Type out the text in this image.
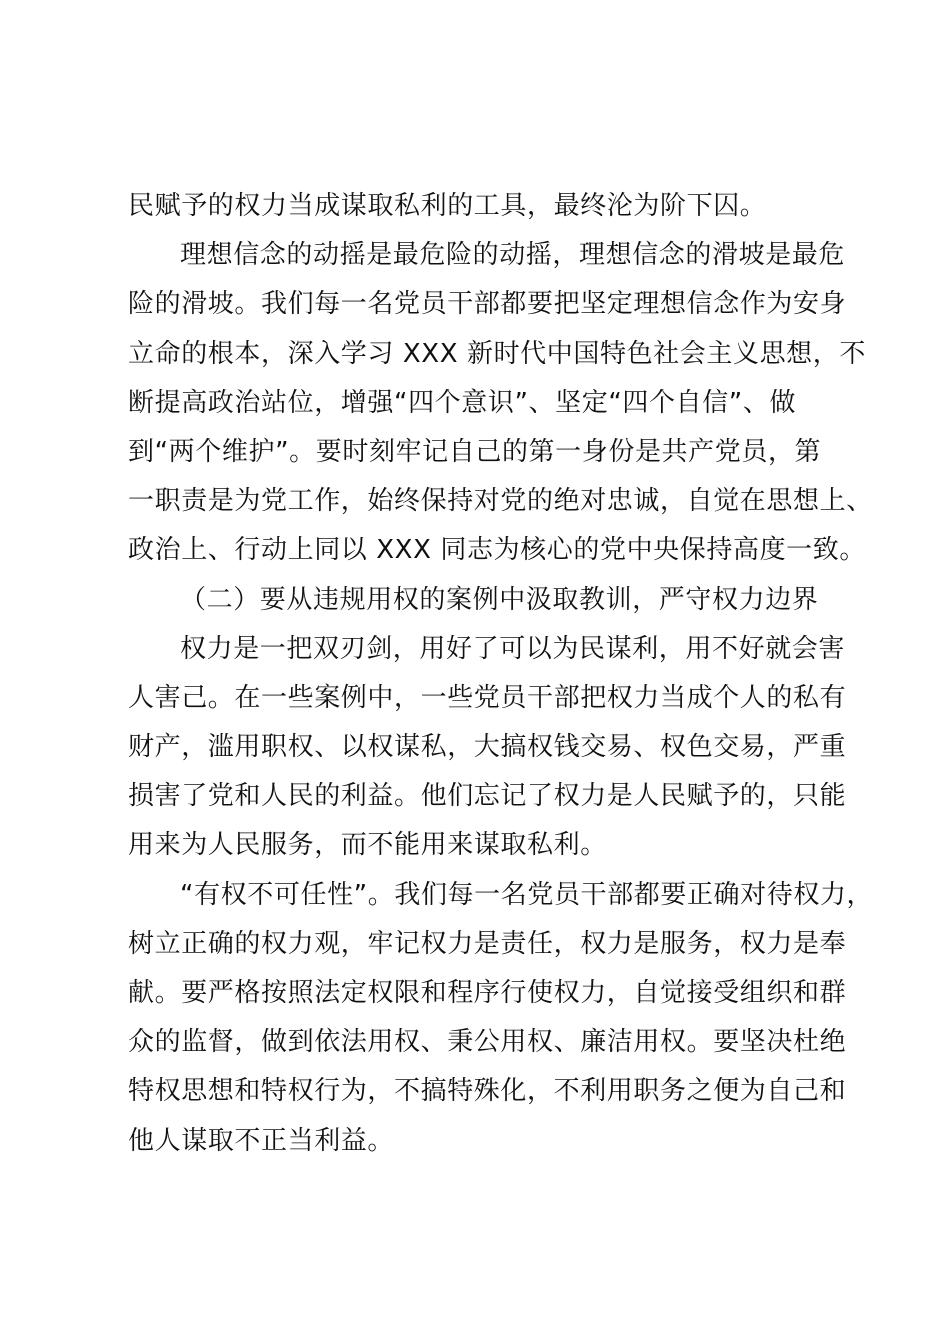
民赋予的权力当成谋取私利的工具，最终沦为阶下囚。
理想信念的动摇是最危险的动摇，理想信念的滑坡是最危
险的滑坡。我们每一名党员干部都要把坚定理想信念作为安身
立命的根本，深入学习 XXX 新时代中国特色社会主义思想，不
断提高政治站位，增强“四个意识”、坚定“四个自信”、做
到“两个维护”。要时刻牢记自己的第一身份是共产党员，第
一职责是为党工作，始终保持对党的绝对忠诚，自觉在思想上、
政治上、行动上同以 XXX 同志为核心的党中央保持高度一致。
（二）要从违规用权的案例中汲取教训，严守权力边界
权力是一把双刃剑，用好了可以为民谋利，用不好就会害
人害己。在一些案例中，一些党员干部把权力当成个人的私有
财产，滥用职权、以权谋私，大搞权钱交易、权色交易，严重
损害了党和人民的利益。他们忘记了权力是人民赋予的，只能
用来为人民服务，而不能用来谋取私利。
“有权不可任性”。我们每一名党员干部都要正确对待权力，
树立正确的权力观，牢记权力是责任，权力是服务，权力是奉
献。要严格按照法定权限和程序行使权力，自觉接受组织和群
众的监督，做到依法用权、秉公用权、廉洁用权。要坚决杜绝
特权思想和特权行为，不搞特殊化，不利用职务之便为自己和
他人谋取不正当利益。
